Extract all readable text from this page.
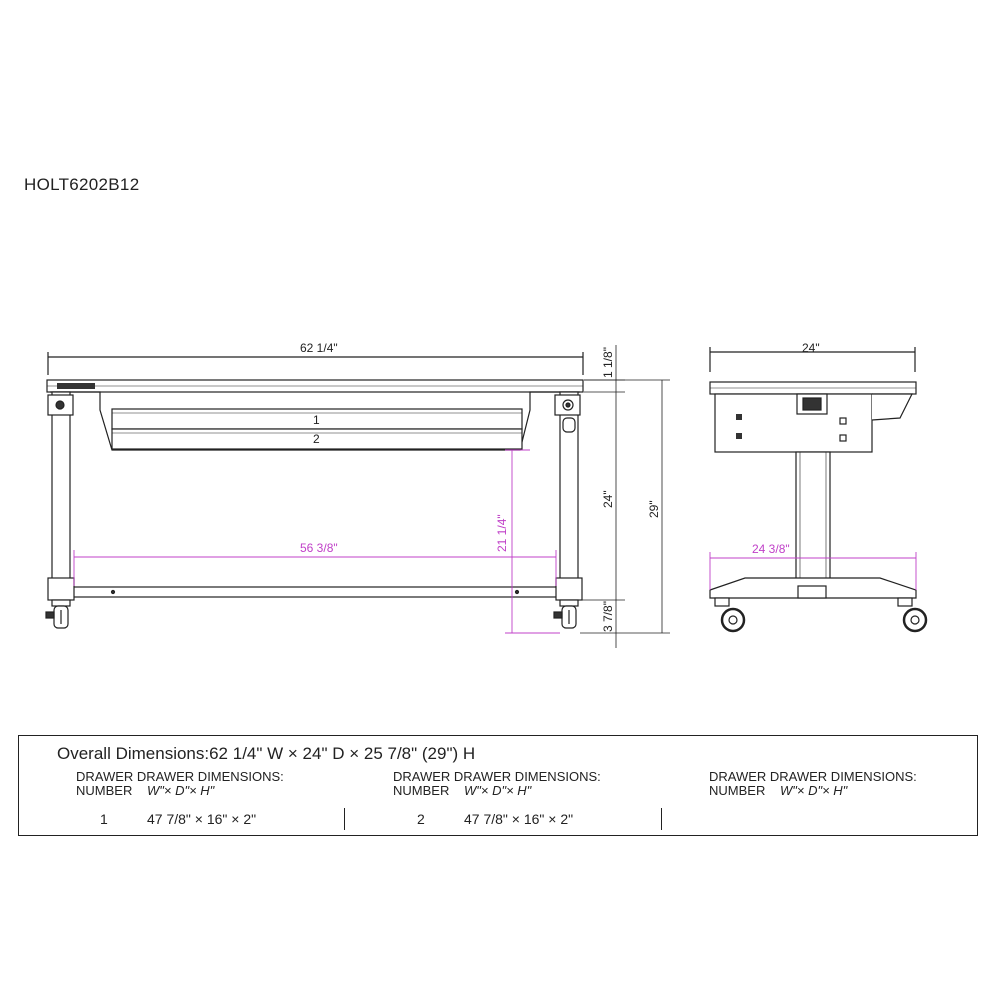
HOLT6202B12
62 1/4"
1
2
56 3/8"	21 1/4"
1 1/8"
24"
29"
3 7/8"
24"
24 3/8"
Overall Dimensions:62 1/4" W × 24" D × 25 7/8" (29") H
DRAWER DRAWER DIMENSIONS:
NUMBER W"× D"× H"
1	47 7/8" × 16" × 2"
DRAWER DRAWER DIMENSIONS:
NUMBER W"× D"× H"
2	47 7/8" × 16" × 2"
DRAWER DRAWER DIMENSIONS:
NUMBER W"× D"× H"
